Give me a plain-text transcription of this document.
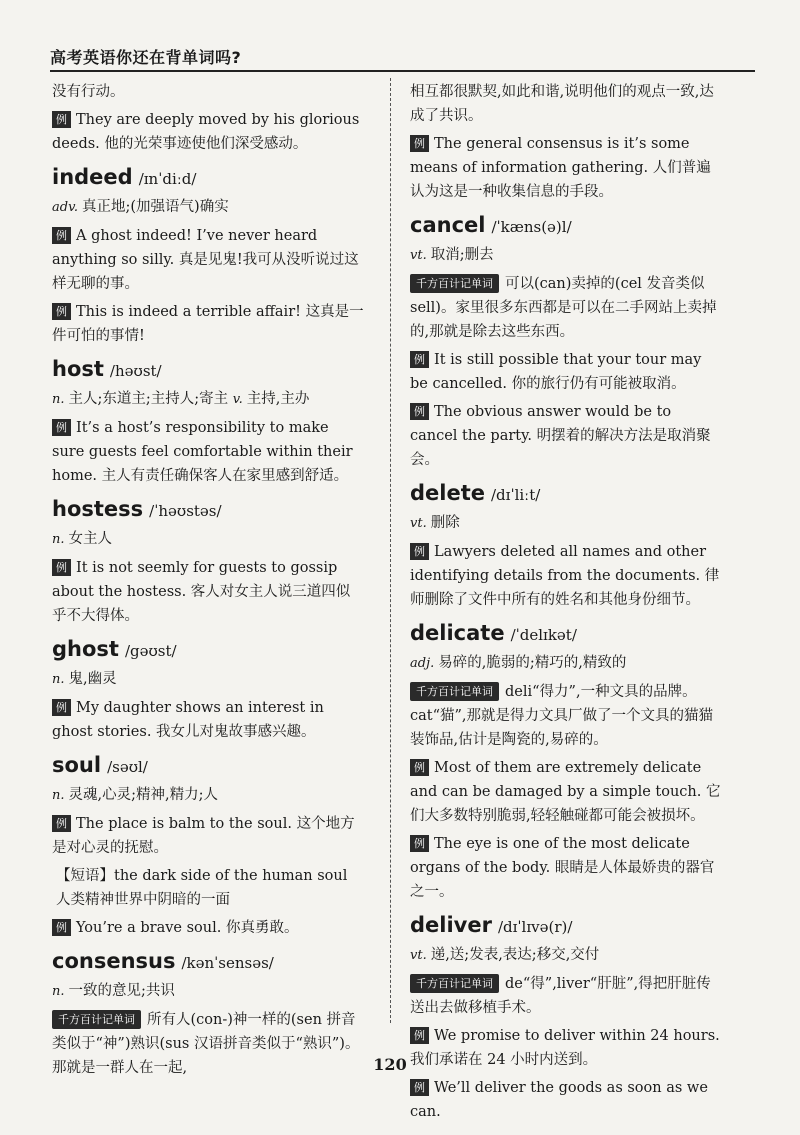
高考英语你还在背单词吗?

没有行动。

例 They are deeply moved by his glorious deeds. 他的光荣事迹使他们深受感动。

indeed /ɪnˈdiːd/

adv. 真正地;(加强语气)确实

例 A ghost indeed! I’ve never heard anything so silly. 真是见鬼!我可从没听说过这样无聊的事。

例 This is indeed a terrible affair! 这真是一件可怕的事情!

host /həʊst/

n. 主人;东道主;主持人;寄主 v. 主持,主办

例 It’s a host’s responsibility to make sure guests feel comfortable within their home. 主人有责任确保客人在家里感到舒适。

hostess /ˈhəʊstəs/

n. 女主人

例 It is not seemly for guests to gossip about the hostess. 客人对女主人说三道四似乎不大得体。

ghost /gəʊst/

n. 鬼,幽灵

例 My daughter shows an interest in ghost stories. 我女儿对鬼故事感兴趣。

soul /səʊl/

n. 灵魂,心灵;精神,精力;人

例 The place is balm to the soul. 这个地方是对心灵的抚慰。

【短语】the dark side of the human soul 人类精神世界中阴暗的一面

例 You’re a brave soul. 你真勇敢。

consensus /kənˈsensəs/

n. 一致的意见;共识

千方百计记单词 所有人(con-)神一样的(sen 拼音类似于“神”)熟识(sus 汉语拼音类似于“熟识”)。那就是一群人在一起,

相互都很默契,如此和谐,说明他们的观点一致,达成了共识。

例 The general consensus is it’s some means of information gathering. 人们普遍认为这是一种收集信息的手段。

cancel /ˈkæns(ə)l/

vt. 取消;删去

千方百计记单词 可以(can)卖掉的(cel 发音类似 sell)。家里很多东西都是可以在二手网站上卖掉的,那就是除去这些东西。

例 It is still possible that your tour may be cancelled. 你的旅行仍有可能被取消。

例 The obvious answer would be to cancel the party. 明摆着的解决方法是取消聚会。

delete /dɪˈliːt/

vt. 删除

例 Lawyers deleted all names and other identifying details from the documents. 律师删除了文件中所有的姓名和其他身份细节。

delicate /ˈdelɪkət/

adj. 易碎的,脆弱的;精巧的,精致的

千方百计记单词 deli“得力”,一种文具的品牌。cat“猫”,那就是得力文具厂做了一个文具的猫猫装饰品,估计是陶瓷的,易碎的。

例 Most of them are extremely delicate and can be damaged by a simple touch. 它们大多数特别脆弱,轻轻触碰都可能会被损坏。

例 The eye is one of the most delicate organs of the body. 眼睛是人体最娇贵的器官之一。

deliver /dɪˈlɪvə(r)/

vt. 递,送;发表,表达;移交,交付

千方百计记单词 de“得”,liver“肝脏”,得把肝脏传送出去做移植手术。

例 We promise to deliver within 24 hours. 我们承诺在 24 小时内送到。

例 We’ll deliver the goods as soon as we can.

120
